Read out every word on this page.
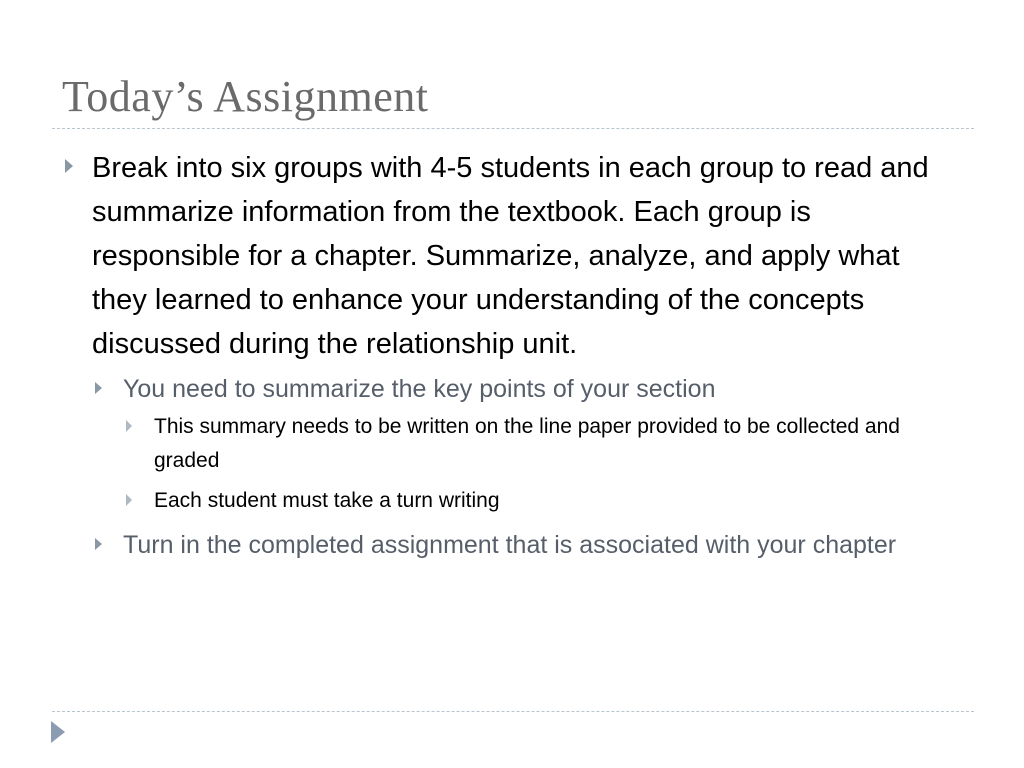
Today’s Assignment
Break into six groups with 4-5 students in each group to read and summarize information from the textbook. Each group is responsible for a chapter. Summarize, analyze, and apply what they learned to enhance your understanding of the concepts discussed during the relationship unit.
You need to summarize the key points of your section
This summary needs to be written on the line paper provided to be collected and graded
Each student must take a turn writing
Turn in the completed assignment that is associated with your chapter
